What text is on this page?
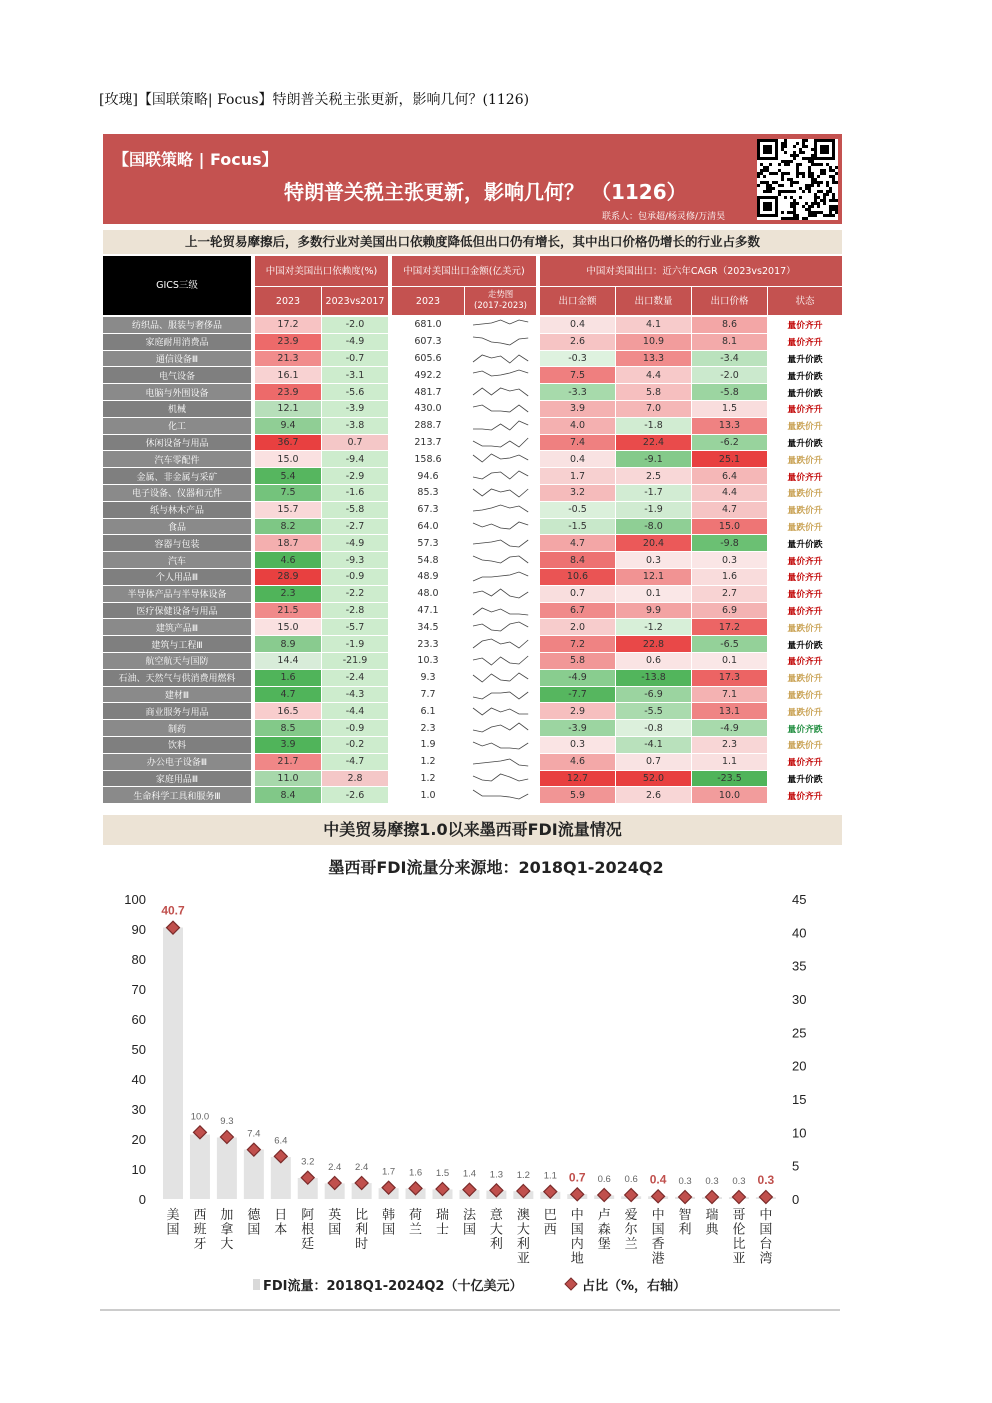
[玫瑰]【国联策略| Focus】特朗普关税主张更新，影响几何？(1126)
【国联策略 | Focus】
特朗普关税主张更新，影响几何？ （1126）
联系人：包承超/杨灵修/万清昊
上一轮贸易摩擦后，多数行业对美国出口依赖度降低但出口仍有增长，其中出口价格仍增长的行业占多数
GICS三级
中国对美国出口依赖度(%)	中国对美国出口金额(亿美元)	中国对美国出口：近六年CAGR（2023vs2017）
2023	2023vs2017	2023
走势图
(2017-2023)	出口金额	出口数量	出口价格	状态
纺织品、服装与奢侈品	17.2	-2.0	681.0	0.4	4.1	8.6	量价齐升
家庭耐用消费品	23.9	-4.9	607.3	2.6	10.9	8.1	量价齐升
通信设备Ⅲ	21.3	-0.7	605.6	-0.3	13.3	-3.4	量升价跌
电气设备	16.1	-3.1	492.2	7.5	4.4	-2.0	量升价跌
电脑与外围设备	23.9	-5.6	481.7	-3.3	5.8	-5.8	量升价跌
机械	12.1	-3.9	430.0	3.9	7.0	1.5	量价齐升
化工	9.4	-3.8	288.7	4.0	-1.8	13.3	量跌价升
休闲设备与用品	36.7	0.7	213.7	7.4	22.4	-6.2	量升价跌
汽车零配件	15.0	-9.4	158.6	0.4	-9.1	25.1	量跌价升
金属、非金属与采矿	5.4	-2.9	94.6	1.7	2.5	6.4	量价齐升
电子设备、仪器和元件	7.5	-1.6	85.3	3.2	-1.7	4.4	量跌价升
纸与林木产品	15.7	-5.8	67.3	-0.5	-1.9	4.7	量跌价升
食品	8.2	-2.7	64.0	-1.5	-8.0	15.0	量跌价升
容器与包装	18.7	-4.9	57.3	4.7	20.4	-9.8	量升价跌
汽车	4.6	-9.3	54.8	8.4	0.3	0.3	量价齐升
个人用品Ⅲ	28.9	-0.9	48.9	10.6	12.1	1.6	量价齐升
半导体产品与半导体设备	2.3	-2.2	48.0	0.7	0.1	2.7	量价齐升
医疗保健设备与用品	21.5	-2.8	47.1	6.7	9.9	6.9	量价齐升
建筑产品Ⅲ	15.0	-5.7	34.5	2.0	-1.2	17.2	量跌价升
建筑与工程Ⅲ	8.9	-1.9	23.3	7.2	22.8	-6.5	量升价跌
航空航天与国防	14.4	-21.9	10.3	5.8	0.6	0.1	量价齐升
石油、天然气与供消费用燃料	1.6	-2.4	9.3	-4.9	-13.8	17.3	量跌价升
建材Ⅲ	4.7	-4.3	7.7	-7.7	-6.9	7.1	量跌价升
商业服务与用品	16.5	-4.4	6.1	2.9	-5.5	13.1	量跌价升
制药	8.5	-0.9	2.3	-3.9	-0.8	-4.9	量价齐跌
饮料	3.9	-0.2	1.9	0.3	-4.1	2.3	量跌价升
办公电子设备Ⅲ	21.7	-4.7	1.2	4.6	0.7	1.1	量价齐升
家庭用品Ⅲ	11.0	2.8	1.2	12.7	52.0	-23.5	量升价跌
生命科学工具和服务Ⅲ	8.4	-2.6	1.0	5.9	2.6	10.0	量价齐升
中美贸易摩擦1.0以来墨西哥FDI流量情况
墨西哥FDI流量分来源地：2018Q1-2024Q2
0
10
20
30
40
50
60
70
80
90
100
0
5
10
15
20
25
30
35
40
45
40.7
10.0 9.3
7.4
6.4
3.2 2.4 2.4 1.7 1.6 1.5 1.4 1.3 1.2 1.1 0.7 0.6 0.6 0.4 0.3 0.3 0.3 0.3
美国
西班牙
加拿大
德国
日本
阿根廷
英国
比利时
韩国
荷兰
瑞士
法国
意大利
澳大利亚
巴西
中国内地
卢森堡
爱尔兰
中国香港
智利
瑞典
哥伦比亚
中国台湾
FDI流量：2018Q1-2024Q2（十亿美元）	占比（%，右轴）
